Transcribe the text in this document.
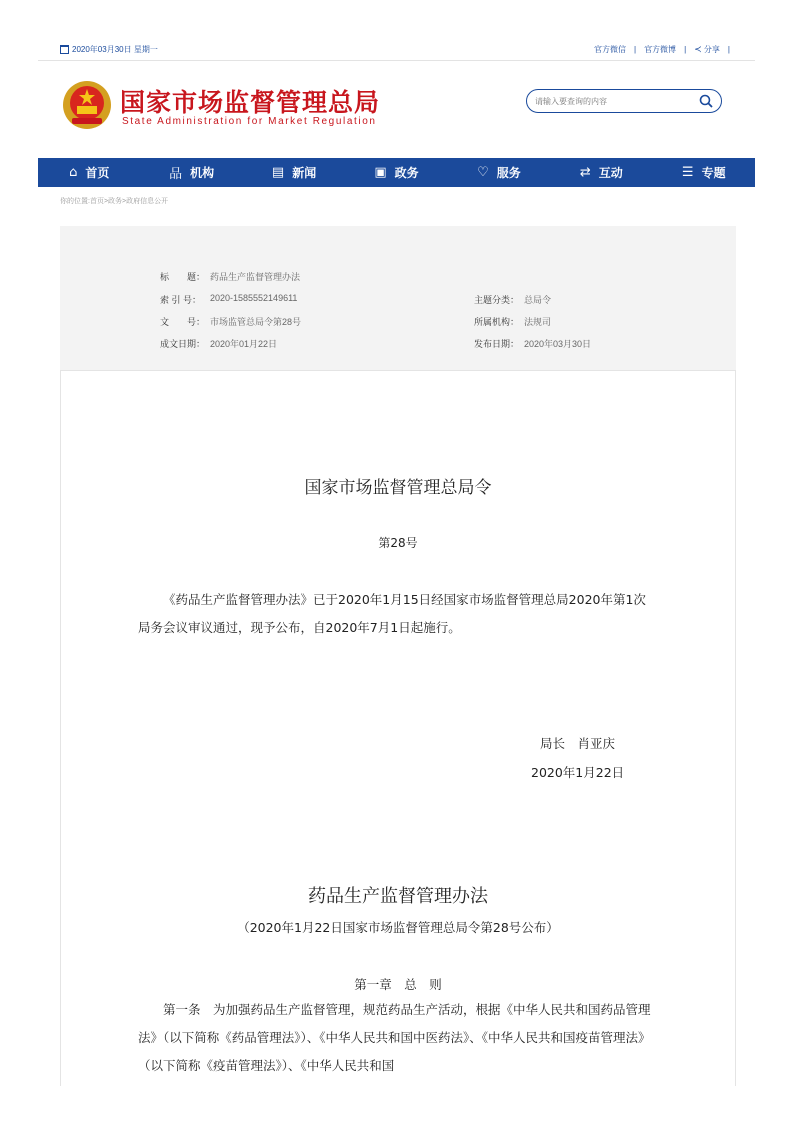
2020年03月30日 星期一	官方微信 | 官方微博 | ≺ 分享 |
国家市场监督管理总局
State Administration for Market Regulation
请输入要查询的内容
⌂ 首页	品 机构	▤ 新闻	▣ 政务	♡ 服务	⇄ 互动	☰ 专题
你的位置:首页>政务>政府信息公开
标　　题： 药品生产监督管理办法
索 引 号： 2020-1585552149611	主题分类： 总局令
文　　号： 市场监管总局令第28号	所属机构： 法规司
成文日期： 2020年01月22日	发布日期： 2020年03月30日
国家市场监督管理总局令
第28号
《药品生产监督管理办法》已于2020年1月15日经国家市场监督管理总局2020年第1次局务会议审议通过，现予公布，自2020年7月1日起施行。
局长　肖亚庆
2020年1月22日
药品生产监督管理办法
（2020年1月22日国家市场监督管理总局令第28号公布）
第一章　总　则
第一条　为加强药品生产监督管理，规范药品生产活动，根据《中华人民共和国药品管理法》（以下简称《药品管理法》）、《中华人民共和国中医药法》、《中华人民共和国疫苗管理法》（以下简称《疫苗管理法》）、《中华人民共和国
